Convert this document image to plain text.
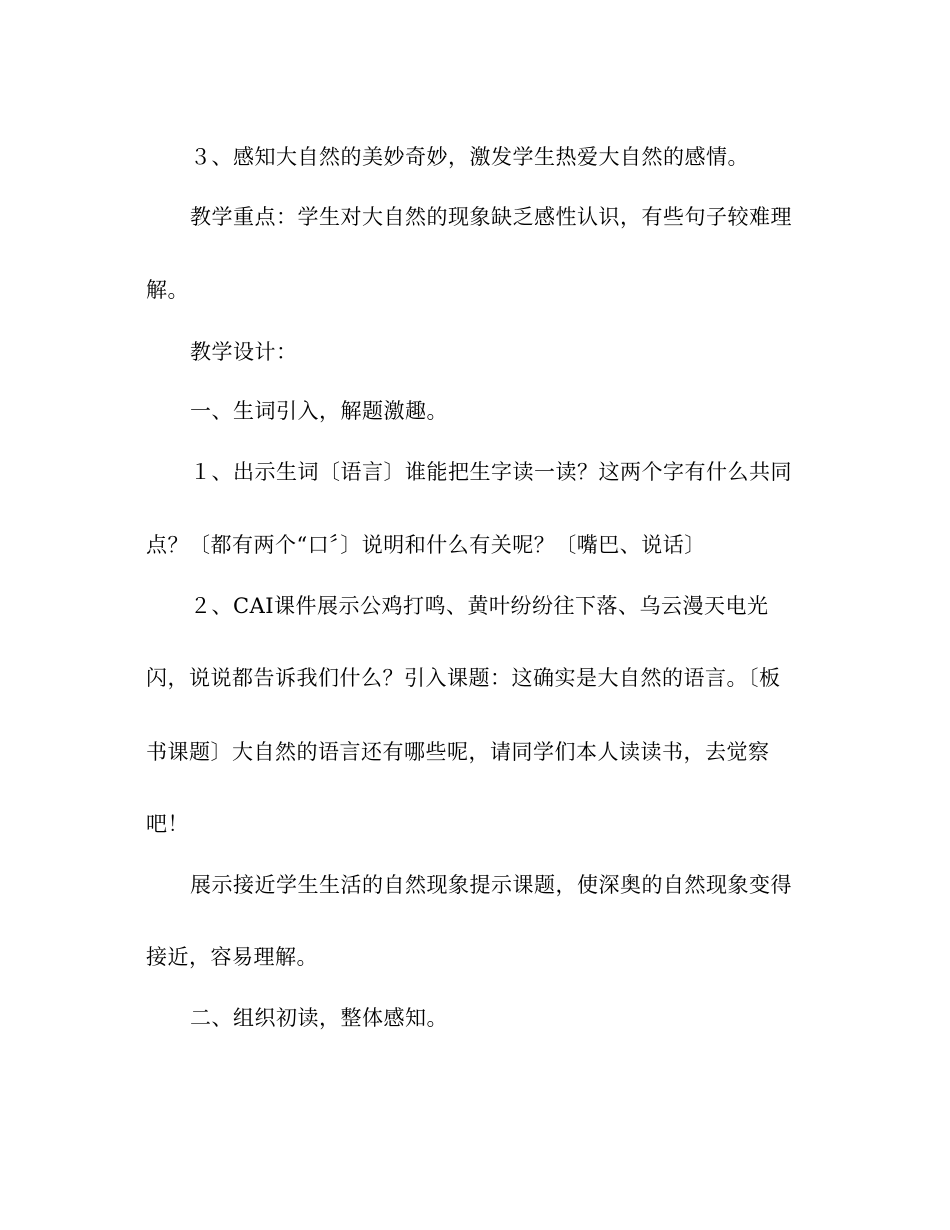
３、感知大自然的美妙奇妙，激发学生热爱大自然的感情。
教学重点：学生对大自然的现象缺乏感性认识，有些句子较难理
解。
教学设计：
一、生词引入，解题激趣。
１、出示生词〔语言〕谁能把生字读一读？这两个字有什么共同
点？〔都有两个“口〞〕说明和什么有关呢？〔嘴巴、说话〕
２、CAI课件展示公鸡打鸣、黄叶纷纷往下落、乌云漫天电光
闪，说说都告诉我们什么？引入课题：这确实是大自然的语言。〔板
书课题〕大自然的语言还有哪些呢，请同学们本人读读书，去觉察
吧！
展示接近学生生活的自然现象提示课题，使深奥的自然现象变得
接近，容易理解。
二、组织初读，整体感知。
